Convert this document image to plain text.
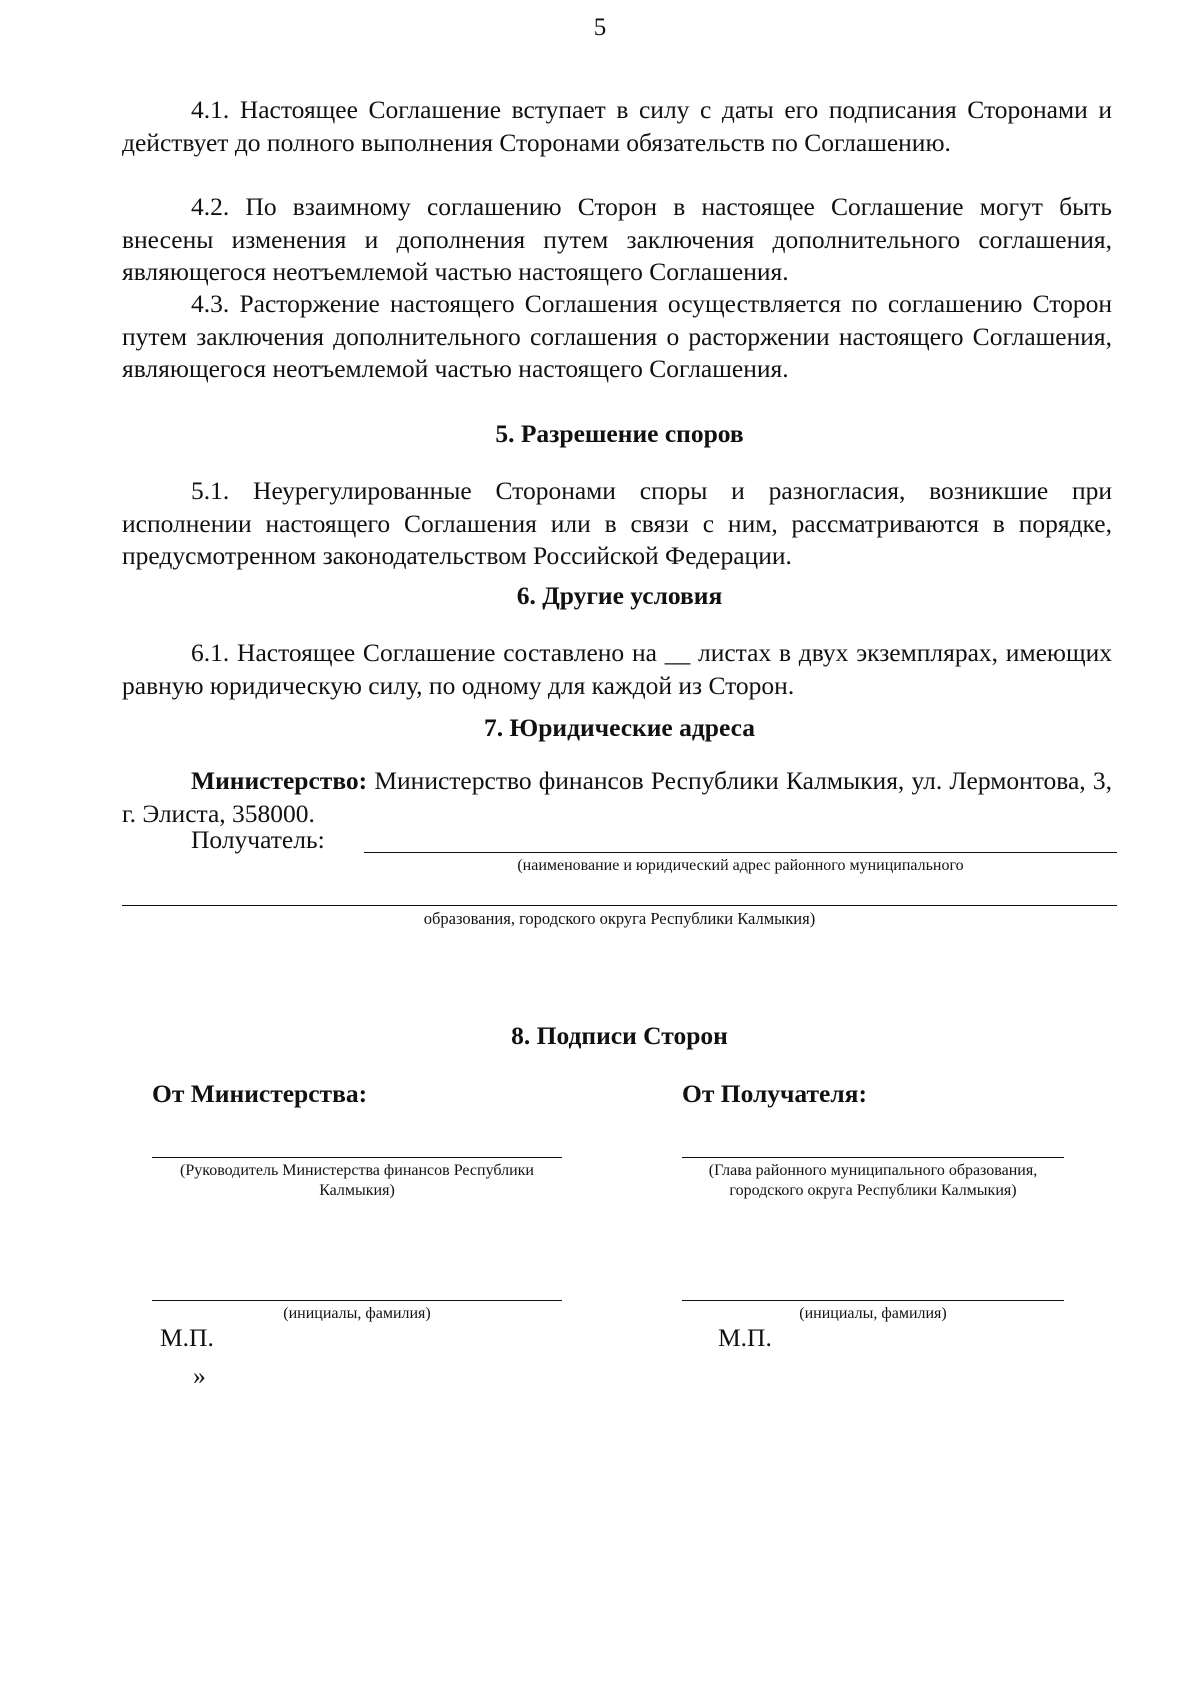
5
4.1. Настоящее Соглашение вступает в силу с даты его подписания Сторонами и действует до полного выполнения Сторонами обязательств по Соглашению.
4.2. По взаимному соглашению Сторон в настоящее Соглашение могут быть внесены изменения и дополнения путем заключения дополнительного соглашения, являющегося неотъемлемой частью настоящего Соглашения.
4.3. Расторжение настоящего Соглашения осуществляется по соглашению Сторон путем заключения дополнительного соглашения о расторжении настоящего Соглашения, являющегося неотъемлемой частью настоящего Соглашения.
5. Разрешение споров
5.1. Неурегулированные Сторонами споры и разногласия, возникшие при исполнении настоящего Соглашения или в связи с ним, рассматриваются в порядке, предусмотренном законодательством Российской Федерации.
6. Другие условия
6.1. Настоящее Соглашение составлено на __ листах в двух экземплярах, имеющих равную юридическую силу, по одному для каждой из Сторон.
7. Юридические адреса
Министерство: Министерство финансов Республики Калмыкия, ул. Лермонтова, 3, г. Элиста, 358000.
Получатель:
(наименование и юридический адрес районного муниципального
образования, городского округа Республики Калмыкия)
8. Подписи Сторон
От Министерства:
(Руководитель Министерства финансов Республики Калмыкия)
(инициалы, фамилия)
М.П.
»
От Получателя:
(Глава районного муниципального образования, городского округа Республики Калмыкия)
(инициалы, фамилия)
М.П.
